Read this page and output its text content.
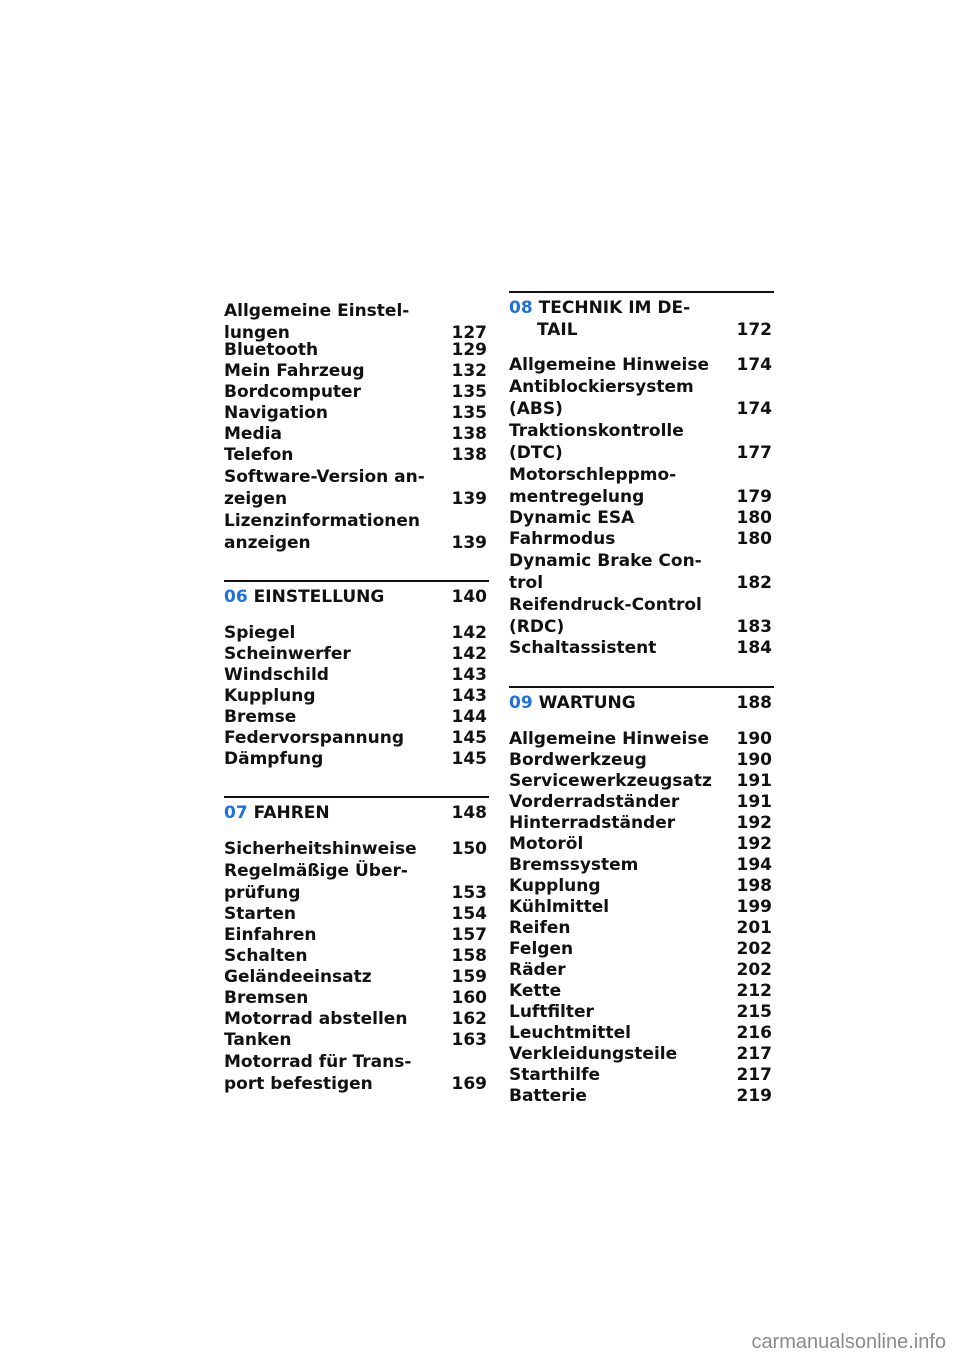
Allgemeine Einstel-
lungen	127
Bluetooth	129
Mein Fahrzeug	132
Bordcomputer	135
Navigation	135
Media	138
Telefon	138
Software-Version an-
zeigen	139
Lizenzinformationen
anzeigen	139
06 EINSTELLUNG	140
Spiegel	142
Scheinwerfer	142
Windschild	143
Kupplung	143
Bremse	144
Federvorspannung	145
Dämpfung	145
07 FAHREN	148
Sicherheitshinweise	150
Regelmäßige Über-
prüfung	153
Starten	154
Einfahren	157
Schalten	158
Geländeeinsatz	159
Bremsen	160
Motorrad abstellen	162
Tanken	163
Motorrad für Trans-
port befestigen	169
08 TECHNIK IM DE-
TAIL	172
Allgemeine Hinweise	174
Antiblockiersystem
(ABS)	174
Traktionskontrolle
(DTC)	177
Motorschleppmo-
mentregelung	179
Dynamic ESA	180
Fahrmodus	180
Dynamic Brake Con-
trol	182
Reifendruck-Control
(RDC)	183
Schaltassistent	184
09 WARTUNG	188
Allgemeine Hinweise	190
Bordwerkzeug	190
Servicewerkzeugsatz	191
Vorderradständer	191
Hinterradständer	192
Motoröl	192
Bremssystem	194
Kupplung	198
Kühlmittel	199
Reifen	201
Felgen	202
Räder	202
Kette	212
Luftfilter	215
Leuchtmittel	216
Verkleidungsteile	217
Starthilfe	217
Batterie	219
carmanualsonline.info
